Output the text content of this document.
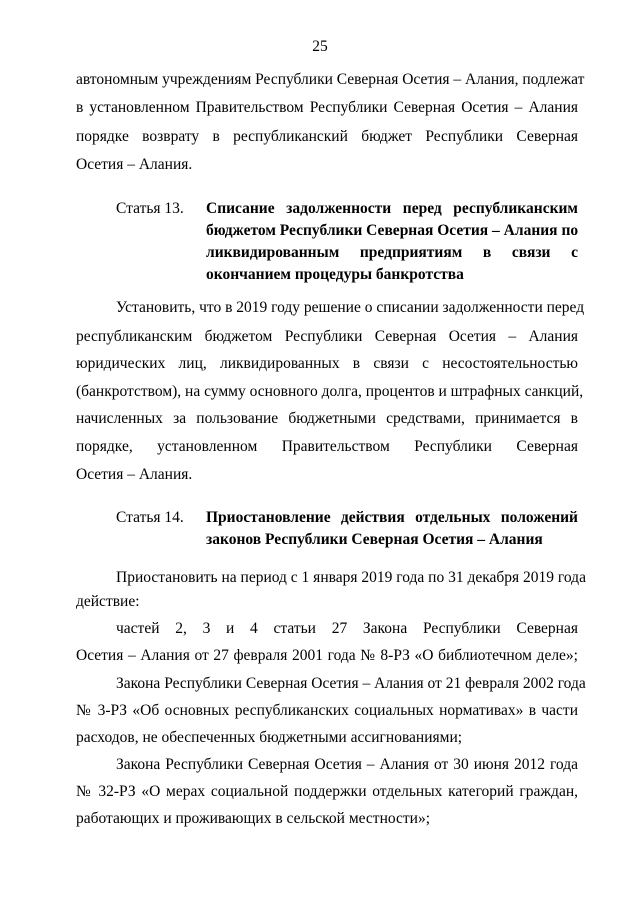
25

автономным учреждениям Республики Северная Осетия – Алания, подлежат

в установленном Правительством Республики Северная Осетия – Алания

порядке возврату в республиканский бюджет Республики Северная

Осетия – Алания.

Статья 13.	Списание задолженности перед республиканским

бюджетом Республики Северная Осетия – Алания по

ликвидированным предприятиям в связи с

окончанием процедуры банкротства

Установить, что в 2019 году решение о списании задолженности перед

республиканским бюджетом Республики Северная Осетия – Алания

юридических лиц, ликвидированных в связи с несостоятельностью

(банкротством), на сумму основного долга, процентов и штрафных санкций,

начисленных за пользование бюджетными средствами, принимается в

порядке, установленном Правительством Республики Северная

Осетия – Алания.

Статья 14.	Приостановление действия отдельных положений

законов Республики Северная Осетия – Алания

Приостановить на период с 1 января 2019 года по 31 декабря 2019 года

действие:

частей 2, 3 и 4 статьи 27 Закона Республики Северная

Осетия – Алания от 27 февраля 2001 года № 8-РЗ «О библиотечном деле»;

Закона Республики Северная Осетия – Алания от 21 февраля 2002 года

№ 3-РЗ «Об основных республиканских социальных нормативах» в части

расходов, не обеспеченных бюджетными ассигнованиями;

Закона Республики Северная Осетия – Алания от 30 июня 2012 года

№ 32-РЗ «О мерах социальной поддержки отдельных категорий граждан,

работающих и проживающих в сельской местности»;
